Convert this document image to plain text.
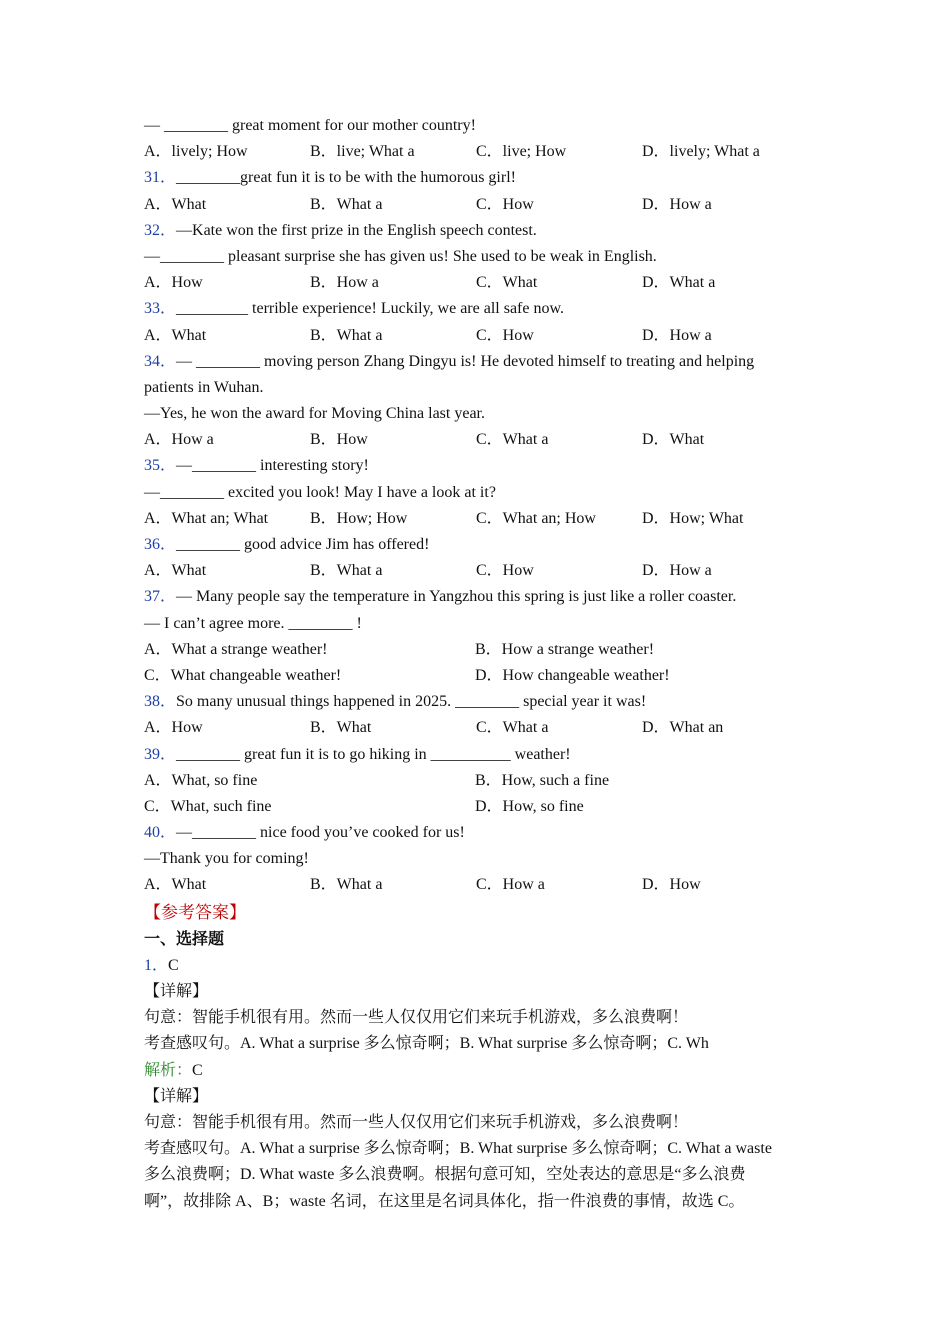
— ________ great moment for our mother country!
A．lively; How	B．live; What a	C．live; How	D．lively; What a
31．________great fun it is to be with the humorous girl!
A．What	B．What a	C．How	D．How a
32．—Kate won the first prize in the English speech contest.
—________ pleasant surprise she has given us! She used to be weak in English.
A．How	B．How a	C．What	D．What a
33．_________ terrible experience! Luckily, we are all safe now.
A．What	B．What a	C．How	D．How a
34．— ________ moving person Zhang Dingyu is! He devoted himself to treating and helping
patients in Wuhan.
—Yes, he won the award for Moving China last year.
A．How a	B．How	C．What a	D．What
35．—________ interesting story!
—________ excited you look! May I have a look at it?
A．What an; What	B．How; How	C．What an; How	D．How; What
36．________ good advice Jim has offered!
A．What	B．What a	C．How	D．How a
37．— Many people say the temperature in Yangzhou this spring is just like a roller coaster.
— I can’t agree more. ________ !
A．What a strange weather!	B．How a strange weather!
C．What changeable weather!	D．How changeable weather!
38．So many unusual things happened in 2025. ________ special year it was!
A．How	B．What	C．What a	D．What an
39．________ great fun it is to go hiking in __________ weather!
A．What, so fine	B．How, such a fine
C．What, such fine	D．How, so fine
40．—________ nice food you’ve cooked for us!
—Thank you for coming!
A．What	B．What a	C．How a	D．How
【参考答案】
一、选择题
1．C
【详解】
句意：智能手机很有用。然而一些人仅仅用它们来玩手机游戏，多么浪费啊！
考查感叹句。A. What a surprise 多么惊奇啊；B. What surprise 多么惊奇啊；C. Wh
解析：C
【详解】
句意：智能手机很有用。然而一些人仅仅用它们来玩手机游戏，多么浪费啊！
考查感叹句。A. What a surprise 多么惊奇啊；B. What surprise 多么惊奇啊；C. What a waste
多么浪费啊；D. What waste 多么浪费啊。根据句意可知，空处表达的意思是“多么浪费
啊”，故排除 A、B；waste 名词，在这里是名词具体化，指一件浪费的事情，故选 C。
